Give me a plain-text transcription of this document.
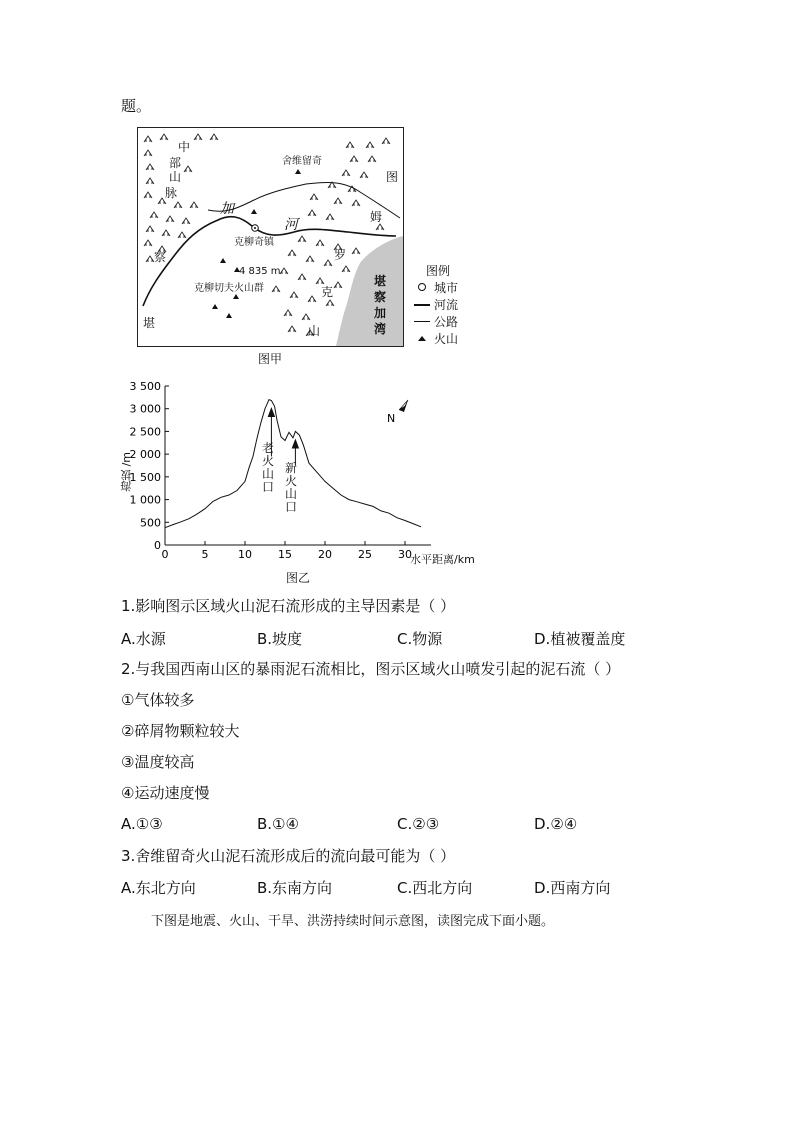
题。
中
部
山
脉
舍维留奇
图
加
河	姆
克柳奇镇
罗
察
4 835 m
克柳切夫火山群	克
山
堪
堪
察
加
湾
图例
城市
河流
公路
火山
图甲
0
500
1 000
1 500
2 000
2 500
3 000
3 500
0	5	10 15 20 25 30
N
海拔 /m
水平距离/km
老火山口
新火山口
图乙
1.影响图示区域火山泥石流形成的主导因素是（ ）
A.水源	B.坡度	C.物源	D.植被覆盖度
2.与我国西南山区的暴雨泥石流相比，图示区域火山喷发引起的泥石流（ ）
①气体较多
②碎屑物颗粒较大
③温度较高
④运动速度慢
A.①③	B.①④	C.②③	D.②④
3.舍维留奇火山泥石流形成后的流向最可能为（ ）
A.东北方向	B.东南方向	C.西北方向	D.西南方向
下图是地震、火山、干旱、洪涝持续时间示意图，读图完成下面小题。
